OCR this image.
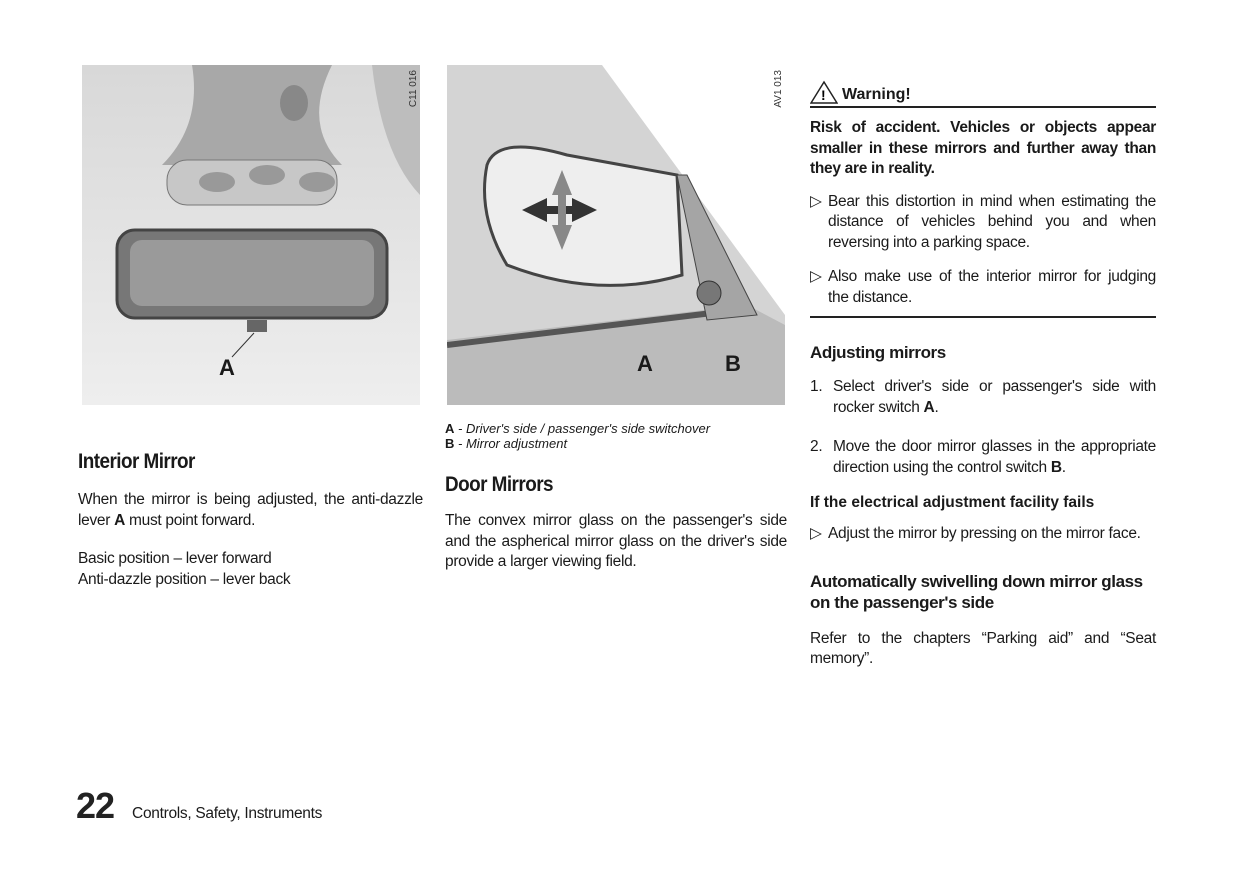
C11 016
A
AV1 013
A	B
Interior Mirror

When the mirror is being adjusted, the anti-dazzle lever A must point forward.

Basic position – lever forward

Anti-dazzle position – lever back

A - Driver's side / passenger's side switchover
B - Mirror adjustment
Door Mirrors

The convex mirror glass on the passenger's side and the aspherical mirror glass on the driver's side provide a larger viewing field.

! Warning!

Risk of accident. Vehicles or objects appear smaller in these mirrors and further away than they are in reality.

▷ Bear this distortion in mind when estimating the distance of vehicles behind you and when reversing into a parking space.
▷ Also make use of the interior mirror for judging the distance.
Adjusting mirrors
1. Select driver's side or passenger's side with rocker switch A.
2. Move the door mirror glasses in the appropriate direction using the control switch B.

If the electrical adjustment facility fails

▷ Adjust the mirror by pressing on the mirror face.
Automatically swivelling down mirror glass on the passenger's side

Refer to the chapters “Parking aid” and “Seat memory”.

22 Controls, Safety, Instruments
